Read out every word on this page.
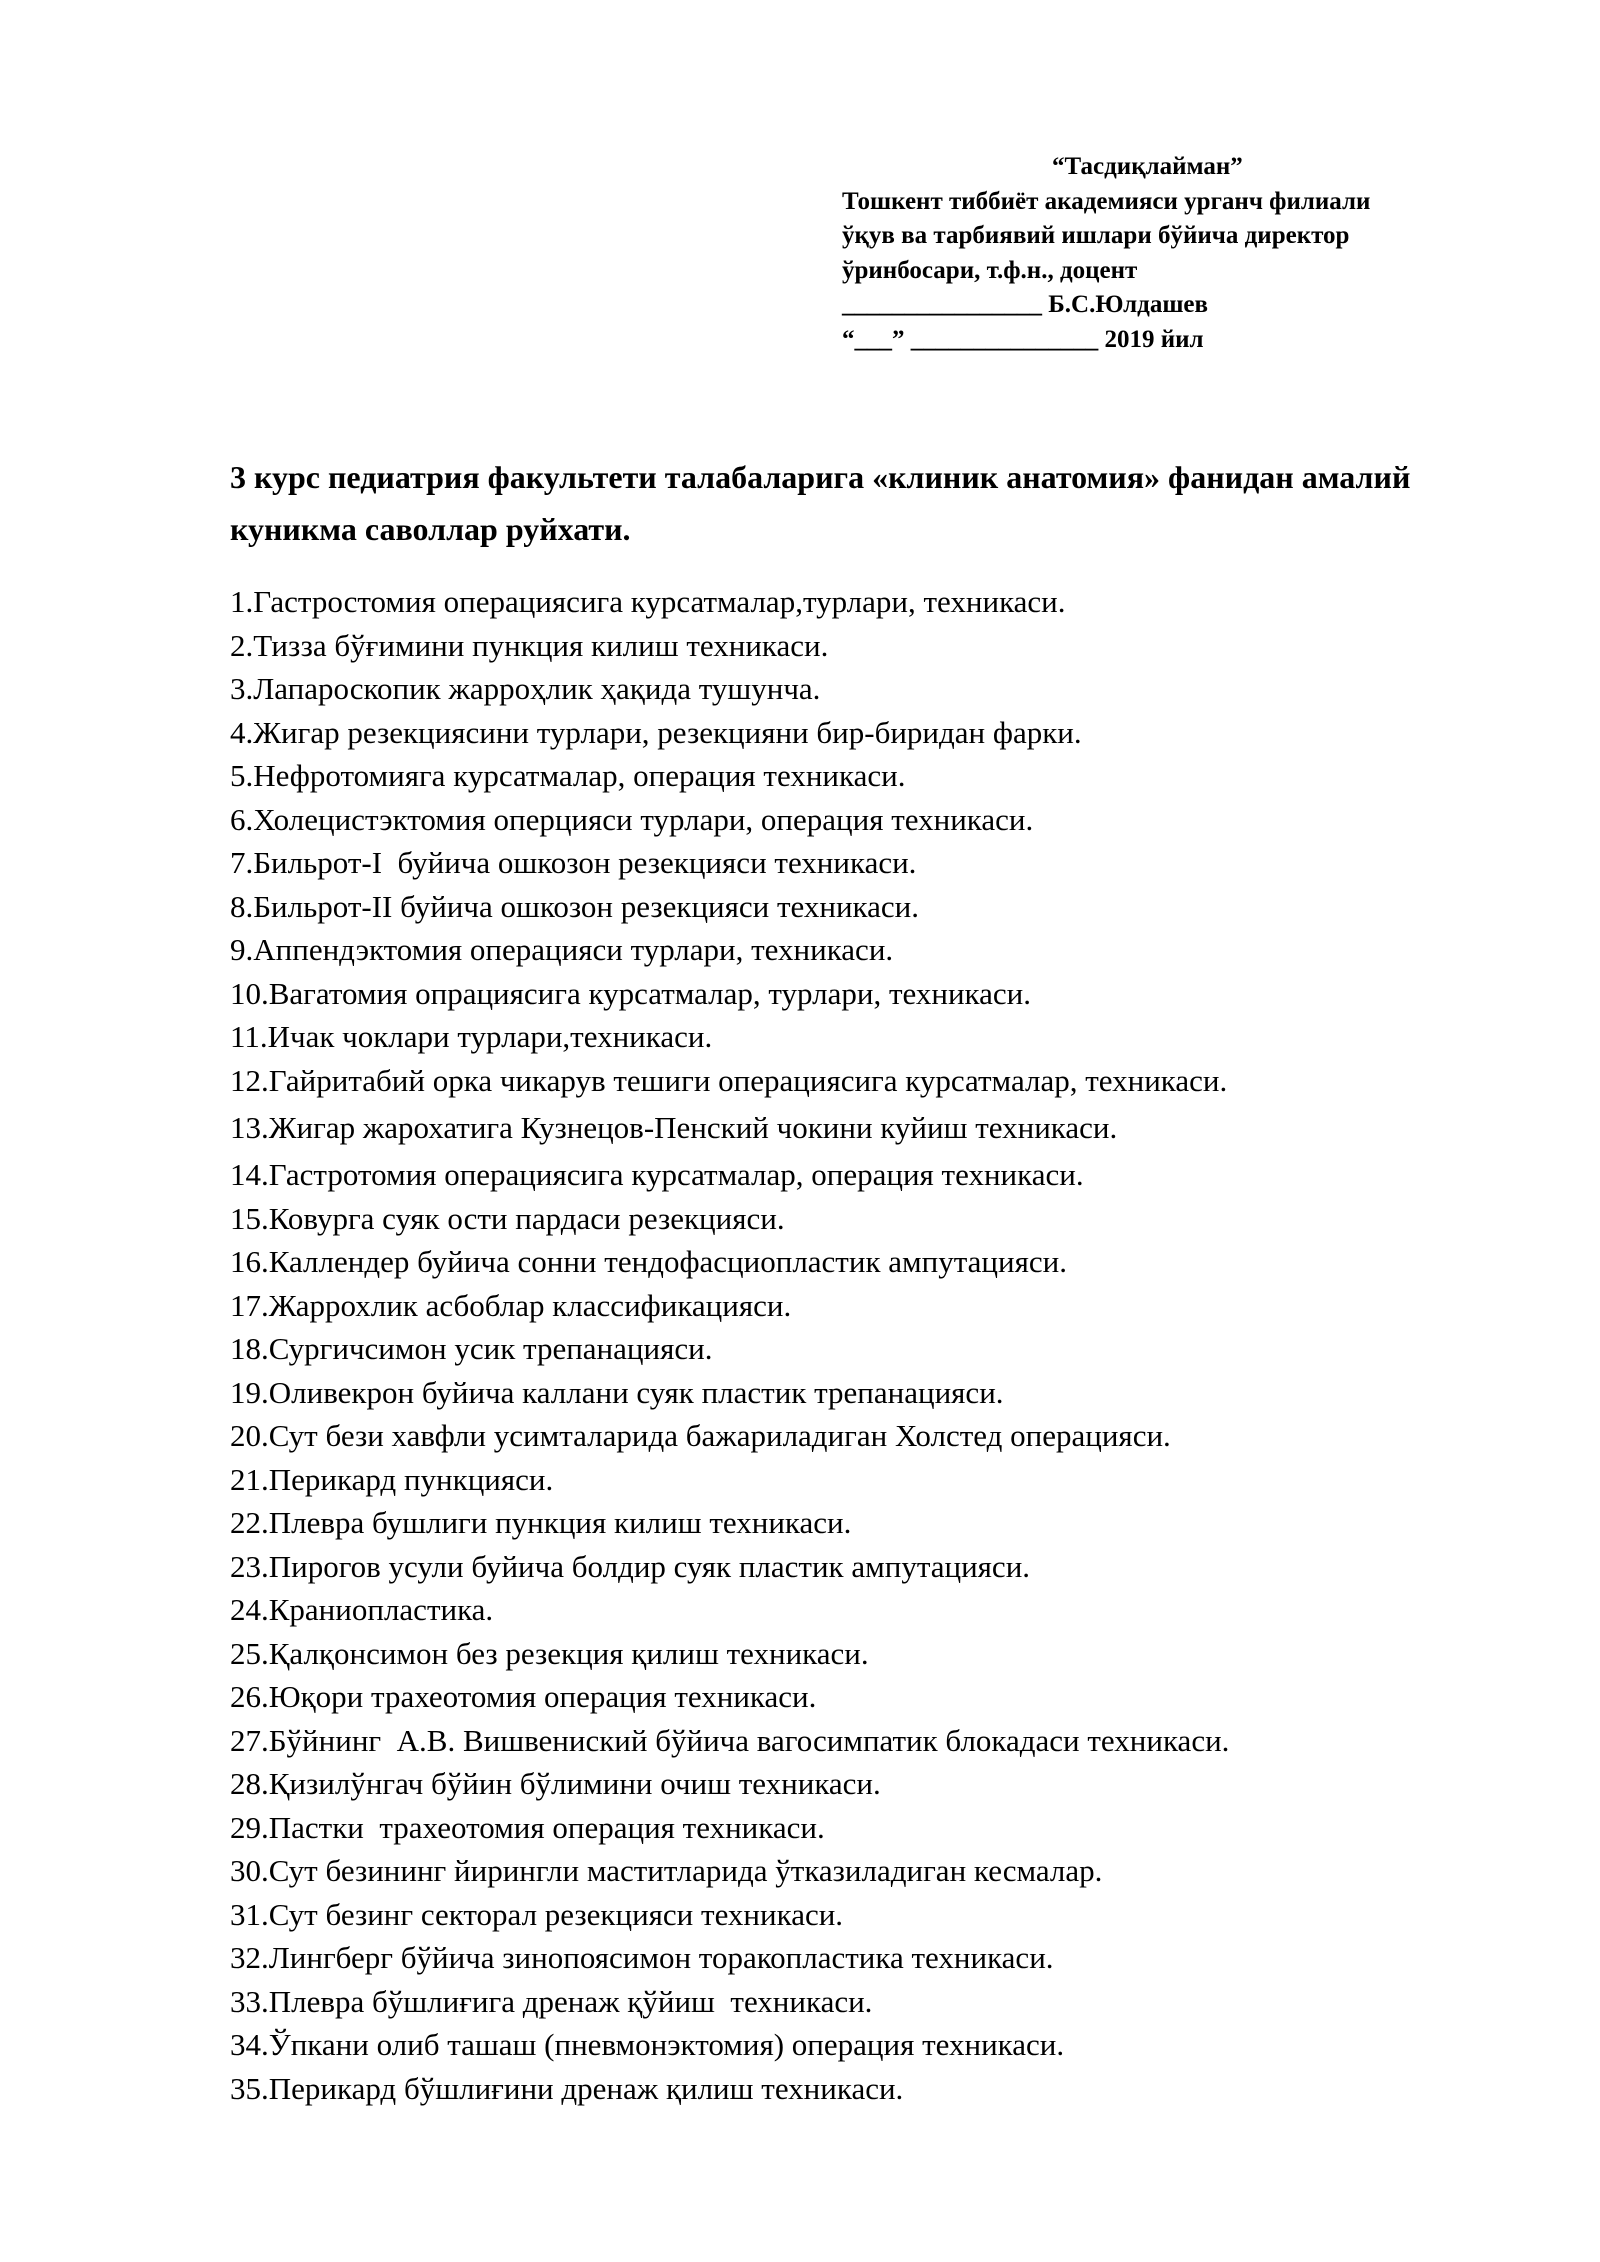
“Тасдиқлайман”
Тошкент тиббиёт академияси урганч филиали
ўқув ва тарбиявий ишлари бўйича директор
ўринбосари, т.ф.н., доцент
________________ Б.С.Юлдашев
“___” _______________ 2019 йил
3 курс педиатрия факультети талабаларига «клиник анатомия» фанидан амалий куникма саволлар руйхати.
1.Гастростомия операциясига курсатмалар,турлари, техникаси.
2.Тизза бўғимини пункция килиш техникаси.
3.Лапароскопик жарроҳлик ҳақида тушунча.
4.Жигар резекциясини турлари, резекцияни бир-биридан фарки.
5.Нефротомияга курсатмалар, операция техникаси.
6.Холецистэктомия оперцияси турлари, операция техникаси.
7.Бильрот-I  буйича ошкозон резекцияси техникаси.
8.Бильрот-II буйича ошкозон резекцияси техникаси.
9.Аппендэктомия операцияси турлари, техникаси.
10.Вагатомия опрациясига курсатмалар, турлари, техникаси.
11.Ичак чоклари турлари,техникаси.
12.Гайритабий орка чикарув тешиги операциясига курсатмалар, техникаси.
13.Жигар жарохатига Кузнецов-Пенский чокини куйиш техникаси.
14.Гастротомия операциясига курсатмалар, операция техникаси.
15.Ковурга суяк ости пардаси резекцияси.
16.Каллендер буйича сонни тендофасциопластик ампутацияси.
17.Жаррохлик асбоблар классификацияси.
18.Сургичсимон усик трепанацияси.
19.Оливекрон буйича каллани суяк пластик трепанацияси.
20.Сут бези хавфли усимталарида бажариладиган Холстед операцияси.
21.Перикард пункцияси.
22.Плевра бушлиги пункция килиш техникаси.
23.Пирогов усули буйича болдир суяк пластик ампутацияси.
24.Краниопластика.
25.Қалқонсимон без резекция қилиш техникаси.
26.Юқори трахеотомия операция техникаси.
27.Бўйнинг  А.В. Вишвениский бўйича вагосимпатик блокадаси техникаси.
28.Қизилўнгач бўйин бўлимини очиш техникаси.
29.Пастки  трахеотомия операция техникаси.
30.Сут безининг йирингли маститларида ўтказиладиган кесмалар.
31.Сут безинг секторал резекцияси техникаси.
32.Лингберг бўйича зинопоясимон торакопластика техникаси.
33.Плевра бўшлиғига дренаж қўйиш  техникаси.
34.Ўпкани олиб ташаш (пневмонэктомия) операция техникаси.
35.Перикард бўшлиғини дренаж қилиш техникаси.
